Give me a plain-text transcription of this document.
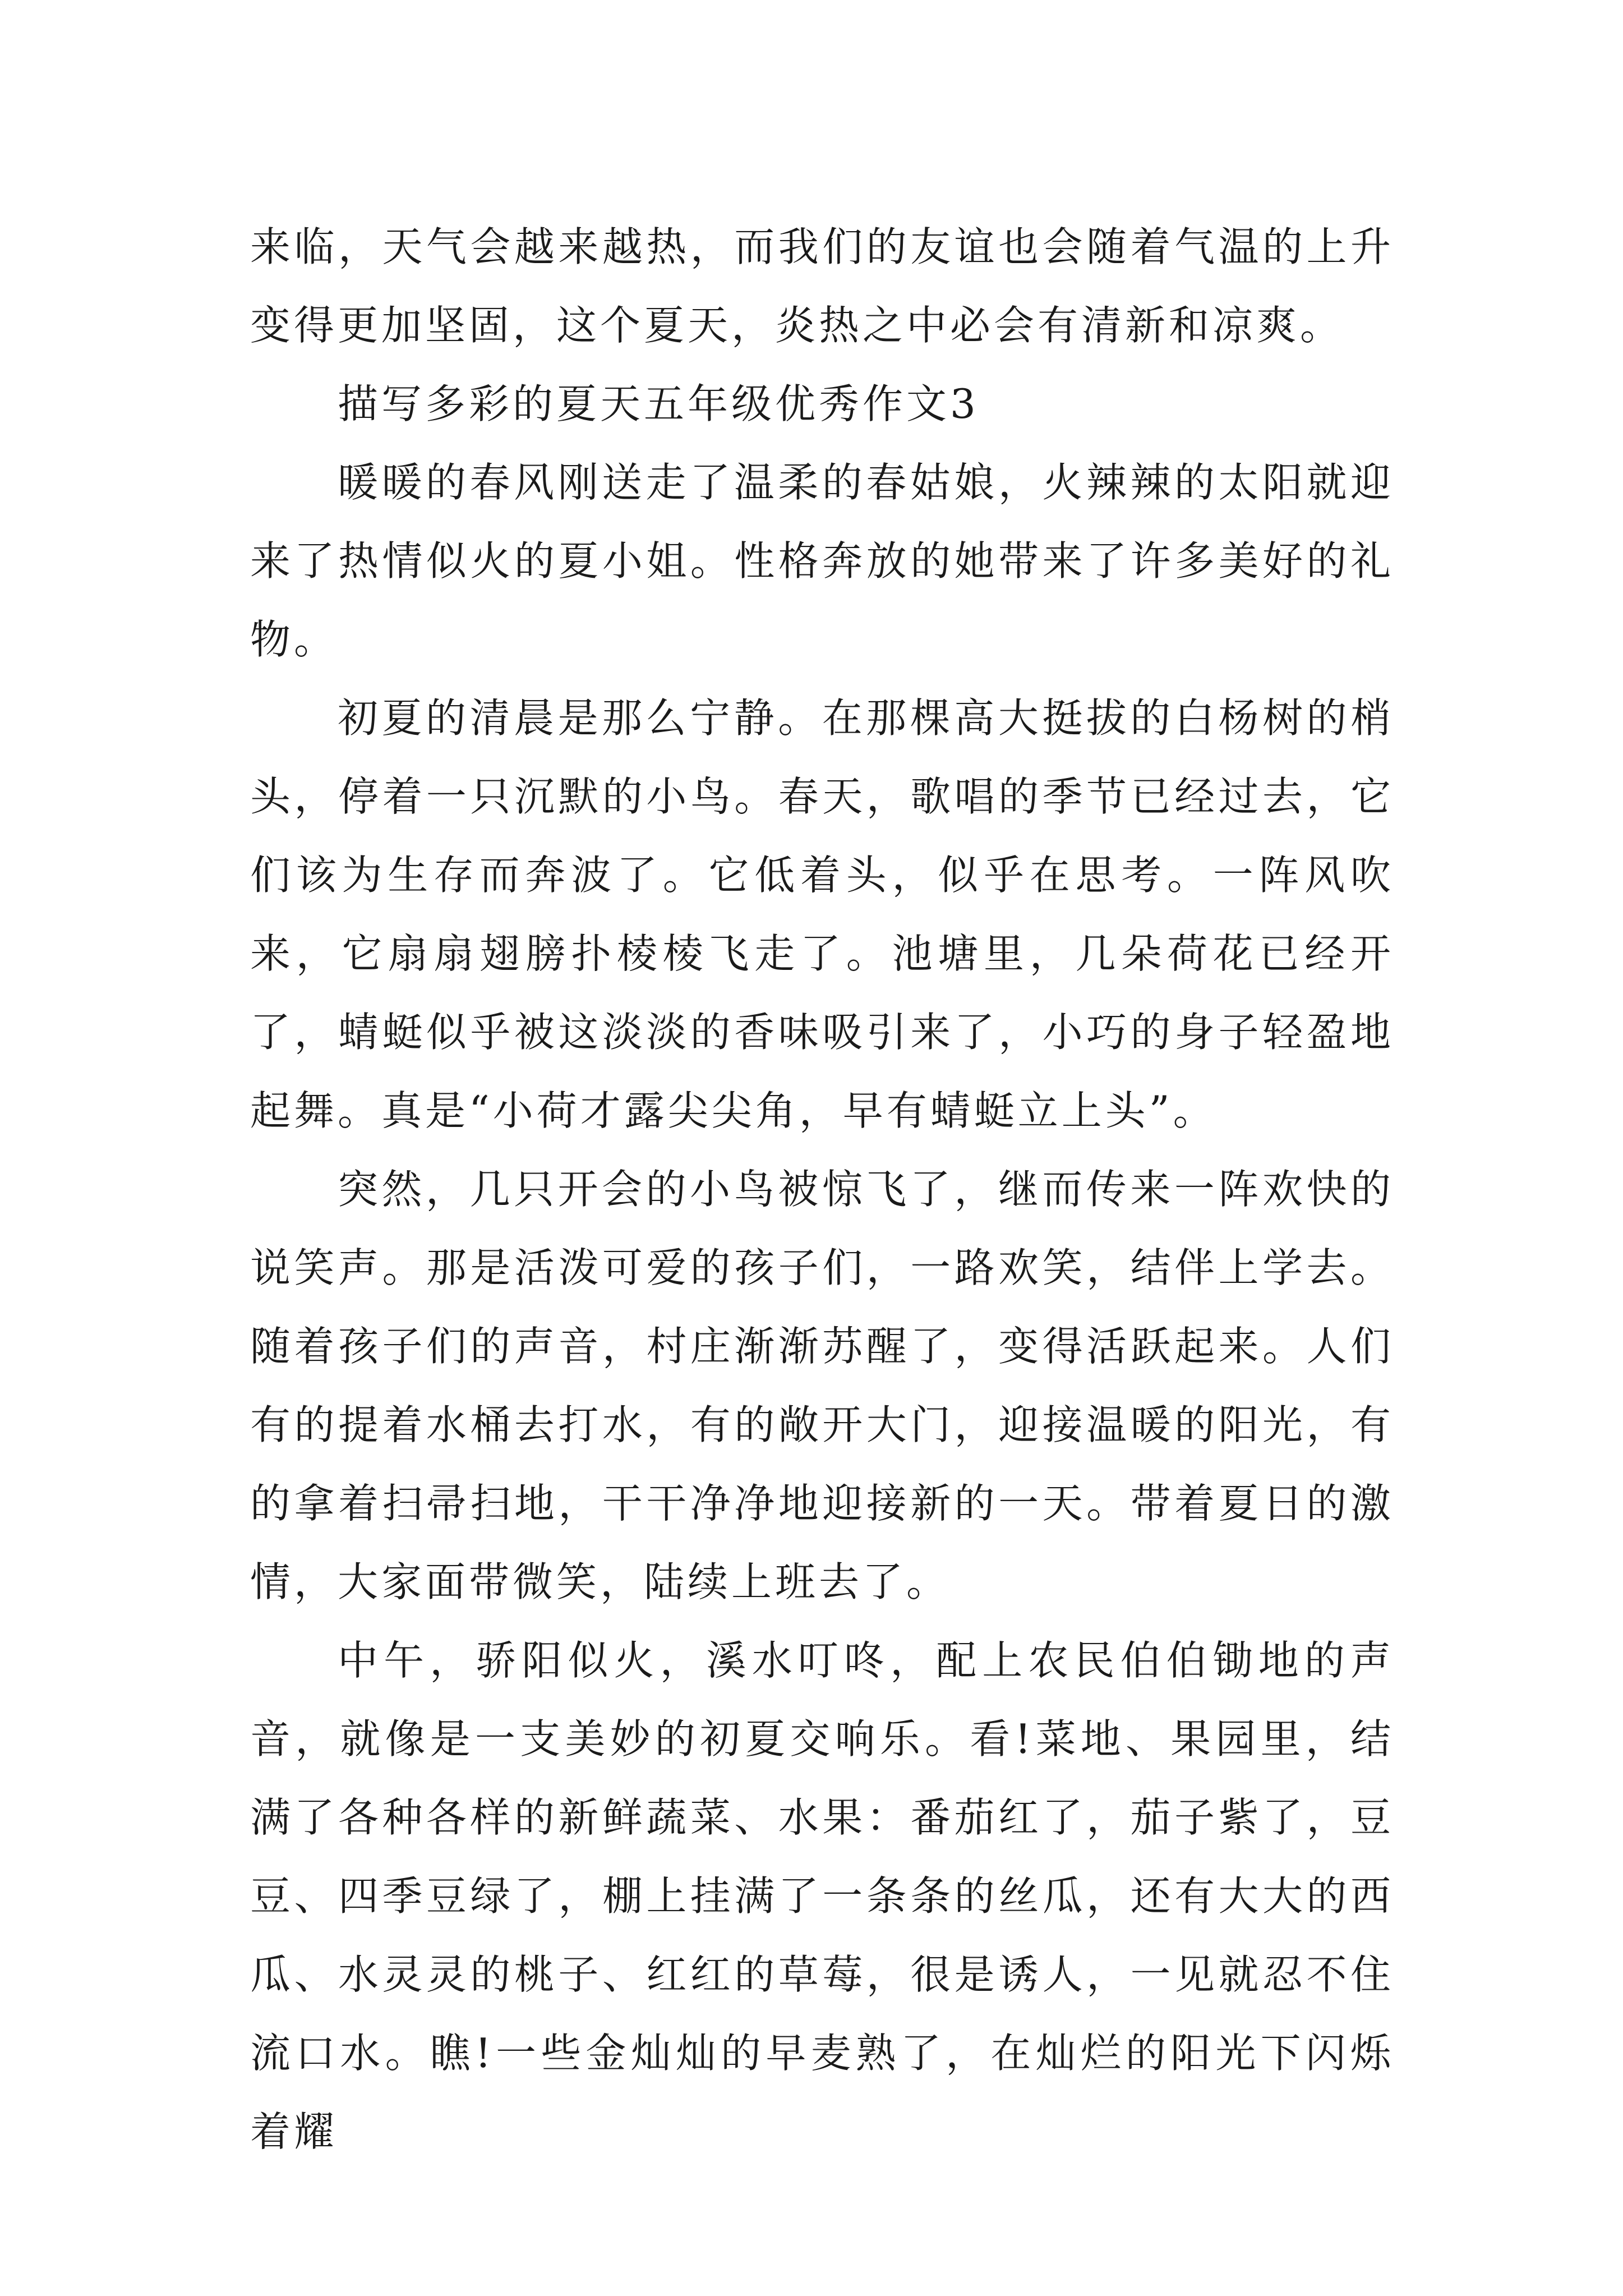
来临，天气会越来越热，而我们的友谊也会随着气温的上升变得更加坚固，这个夏天，炎热之中必会有清新和凉爽。

描写多彩的夏天五年级优秀作文3

暖暖的春风刚送走了温柔的春姑娘，火辣辣的太阳就迎来了热情似火的夏小姐。性格奔放的她带来了许多美好的礼物。

初夏的清晨是那么宁静。在那棵高大挺拔的白杨树的梢头，停着一只沉默的小鸟。春天，歌唱的季节已经过去，它们该为生存而奔波了。它低着头，似乎在思考。一阵风吹来，它扇扇翅膀扑棱棱飞走了。池塘里，几朵荷花已经开了，蜻蜓似乎被这淡淡的香味吸引来了，小巧的身子轻盈地起舞。真是“小荷才露尖尖角，早有蜻蜓立上头”。

突然，几只开会的小鸟被惊飞了，继而传来一阵欢快的说笑声。那是活泼可爱的孩子们，一路欢笑，结伴上学去。随着孩子们的声音，村庄渐渐苏醒了，变得活跃起来。人们有的提着水桶去打水，有的敞开大门，迎接温暖的阳光，有的拿着扫帚扫地，干干净净地迎接新的一天。带着夏日的激情，大家面带微笑，陆续上班去了。

中午，骄阳似火，溪水叮咚，配上农民伯伯锄地的声音，就像是一支美妙的初夏交响乐。看!菜地、果园里，结满了各种各样的新鲜蔬菜、水果：番茄红了，茄子紫了，豆豆、四季豆绿了，棚上挂满了一条条的丝瓜，还有大大的西瓜、水灵灵的桃子、红红的草莓，很是诱人，一见就忍不住流口水。瞧!一些金灿灿的早麦熟了，在灿烂的阳光下闪烁着耀
